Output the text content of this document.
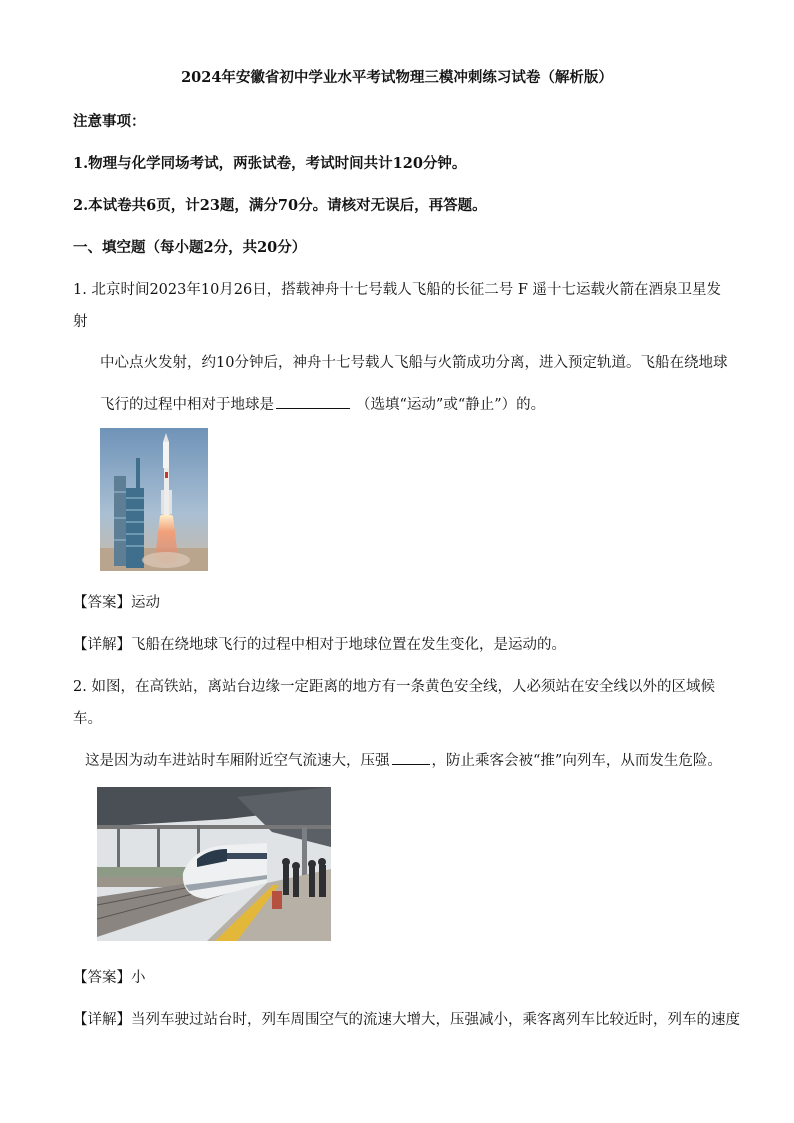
2024年安徽省初中学业水平考试物理三模冲刺练习试卷（解析版）
注意事项：
1.物理与化学同场考试，两张试卷，考试时间共计120分钟。
2.本试卷共6页，计23题，满分70分。请核对无误后，再答题。
一、填空题（每小题2分，共20分）
1. 北京时间2023年10月26日，搭载神舟十七号载人飞船的长征二号 F 遥十七运载火箭在酒泉卫星发
射
中心点火发射，约10分钟后，神舟十七号载人飞船与火箭成功分离，进入预定轨道。飞船在绕地球
飞行的过程中相对于地球是	（选填“运动”或“静止”）的。
【答案】运动
【详解】飞船在绕地球飞行的过程中相对于地球位置在发生变化，是运动的。
2. 如图，在高铁站，离站台边缘一定距离的地方有一条黄色安全线，人必须站在安全线以外的区域候
车。
这是因为动车进站时车厢附近空气流速大，压强	，防止乘客会被“推”向列车，从而发生危险。
【答案】小
【详解】当列车驶过站台时，列车周围空气的流速大增大，压强减小，乘客离列车比较近时，列车的速度
